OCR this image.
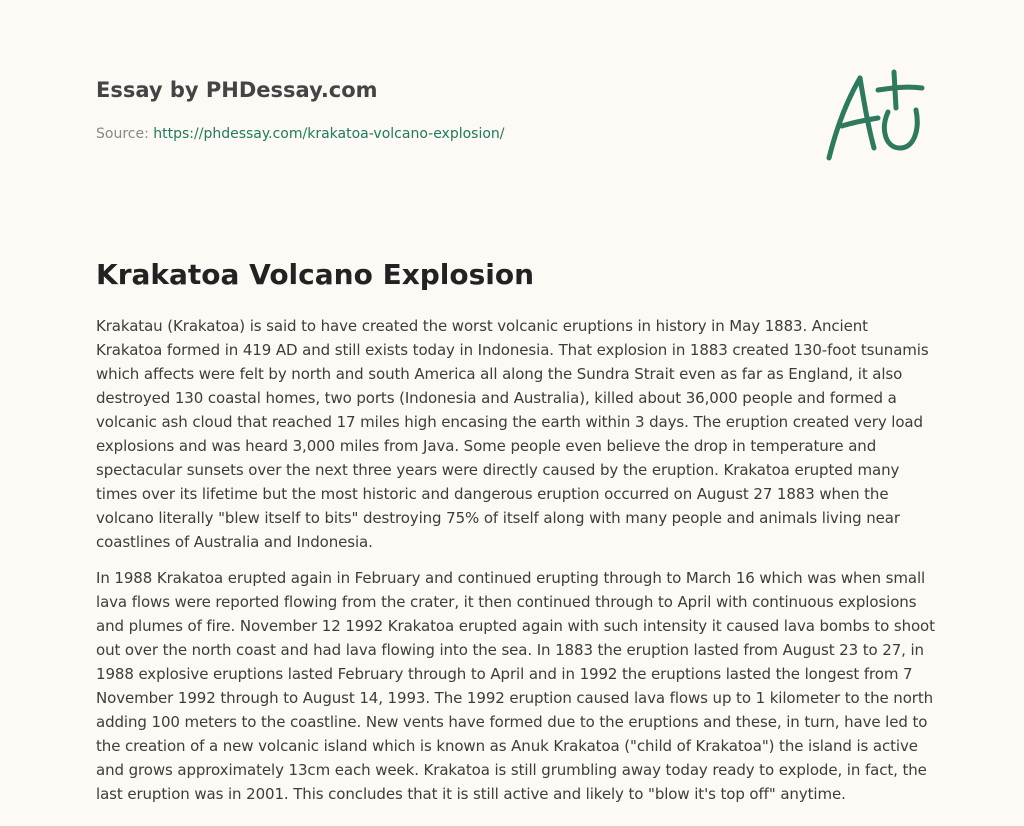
Essay by PHDessay.com
Source: https://phdessay.com/krakatoa-volcano-explosion/
Krakatoa Volcano Explosion

Krakatau (Krakatoa) is said to have created the worst volcanic eruptions in history in May 1883. Ancient Krakatoa formed in 419 AD and still exists today in Indonesia. That explosion in 1883 created 130-foot tsunamis which affects were felt by north and south America all along the Sundra Strait even as far as England, it also destroyed 130 coastal homes, two ports (Indonesia and Australia), killed about 36,000 people and formed a volcanic ash cloud that reached 17 miles high encasing the earth within 3 days. The eruption created very load explosions and was heard 3,000 miles from Java. Some people even believe the drop in temperature and spectacular sunsets over the next three years were directly caused by the eruption. Krakatoa erupted many times over its lifetime but the most historic and dangerous eruption occurred on August 27 1883 when the volcano literally "blew itself to bits" destroying 75% of itself along with many people and animals living near coastlines of Australia and Indonesia.

In 1988 Krakatoa erupted again in February and continued erupting through to March 16 which was when small lava flows were reported flowing from the crater, it then continued through to April with continuous explosions and plumes of fire. November 12 1992 Krakatoa erupted again with such intensity it caused lava bombs to shoot out over the north coast and had lava flowing into the sea. In 1883 the eruption lasted from August 23 to 27, in 1988 explosive eruptions lasted February through to April and in 1992 the eruptions lasted the longest from 7 November 1992 through to August 14, 1993. The 1992 eruption caused lava flows up to 1 kilometer to the north adding 100 meters to the coastline. New vents have formed due to the eruptions and these, in turn, have led to the creation of a new volcanic island which is known as Anuk Krakatoa ("child of Krakatoa") the island is active and grows approximately 13cm each week. Krakatoa is still grumbling away today ready to explode, in fact, the last eruption was in 2001. This concludes that it is still active and likely to "blow it's top off" anytime.
